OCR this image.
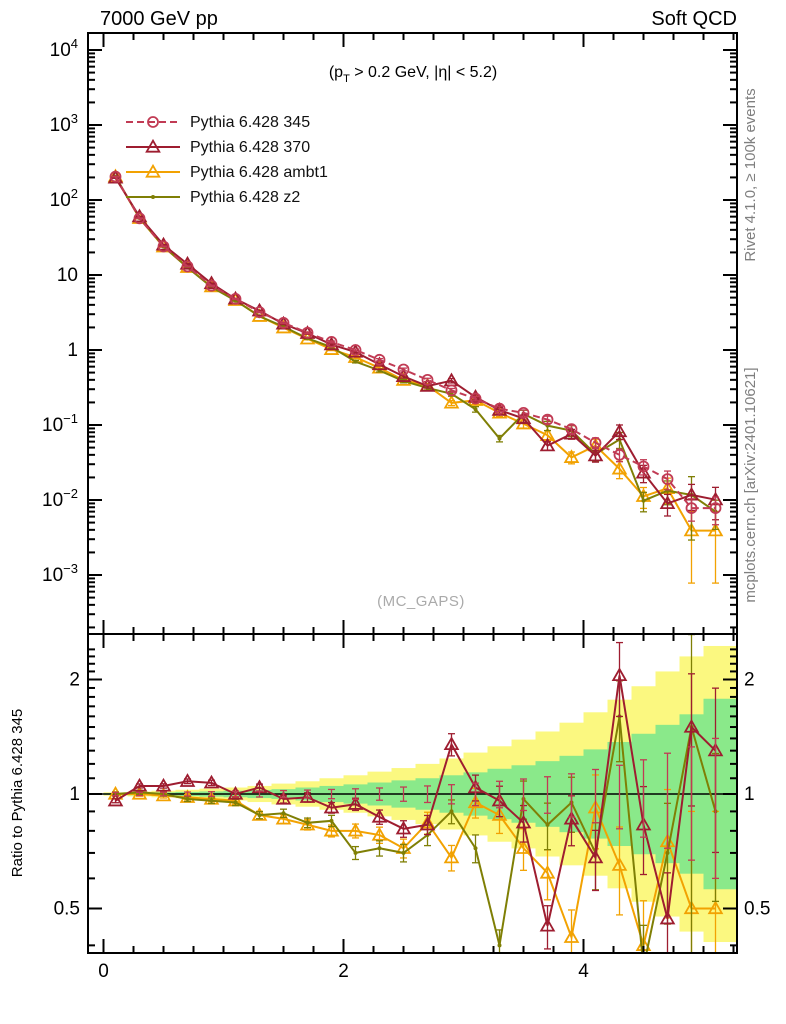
7000 GeV pp	Soft QCD
(MC_GAPS)
$10^4$
$10^3$
$10^2$
10
1
$10^{-1}$
$10^{-2}$
$10^{-3}$
($p_T > 0.2$ GeV, |η| < 5.2)
Pythia 6.428 345
Pythia 6.428 370
Pythia 6.428 ambt1
Pythia 6.428 z2
2	2
1	1
0.5	0.5
0	2	4
Ratio to Pythia 6.428 345
Rivet 4.1.0, ≥ 100k events
mcplots.cern.ch [arXiv:2401.10621]
